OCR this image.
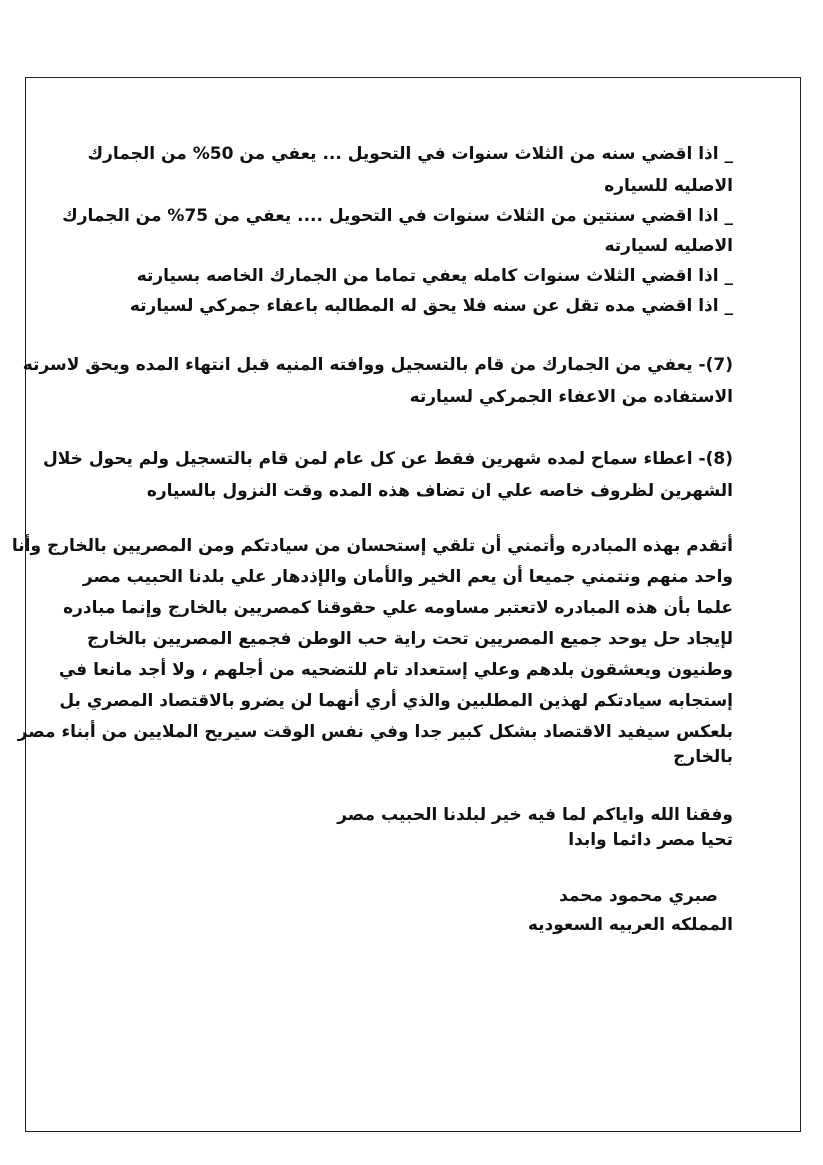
_ اذا اقضي سنه من الثلاث سنوات في التحويل ... يعفي من 50% من الجمارك
الاصليه للسياره
_ اذا اقضي سنتين من الثلاث سنوات في التحويل .... يعفي من 75% من الجمارك
الاصليه لسيارته
_ اذا اقضي الثلاث سنوات كامله يعفي تماما من الجمارك الخاصه بسيارته
_ اذا اقضي مده تقل عن سنه فلا يحق له المطالبه باعفاء جمركي لسيارته
(7)- يعفي من الجمارك من قام بالتسجيل ووافته المنيه قبل انتهاء المده ويحق لاسرته
الاستفاده من الاعفاء الجمركي لسيارته
(8)- اعطاء سماح لمده شهرين فقط عن كل عام لمن قام بالتسجيل ولم يحول خلال
الشهرين لظروف خاصه علي ان تضاف هذه المده وقت النزول بالسياره
أتقدم بهذه المبادره وأتمني أن تلقي إستحسان من سيادتكم ومن المصريين بالخارج وأنا
واحد منهم ونتمني جميعا أن يعم الخير والأمان والإذدهار علي بلدنا الحبيب مصر
علما بأن هذه المبادره لاتعتبر مساومه علي حقوقنا كمصريين بالخارج وإنما مبادره
لإيجاد حل يوحد جميع المصريين تحت راية حب الوطن فجميع المصريين بالخارج
وطنيون ويعشقون بلدهم وعلي إستعداد تام للتضحيه من أجلهم ، ولا أجد مانعا في
إستجابه سيادتكم لهذين المطلبين والذي أري أنهما لن يضرو بالاقتصاد المصري بل
بلعكس سيفيد الاقتصاد بشكل كبير جدا وفي نفس الوقت سيريح الملايين من أبناء مصر
بالخارج
وفقنا الله واياكم لما فيه خير لبلدنا الحبيب مصر
تحيا مصر دائما وابدا
صبري محمود محمد
المملكه العربيه السعوديه
